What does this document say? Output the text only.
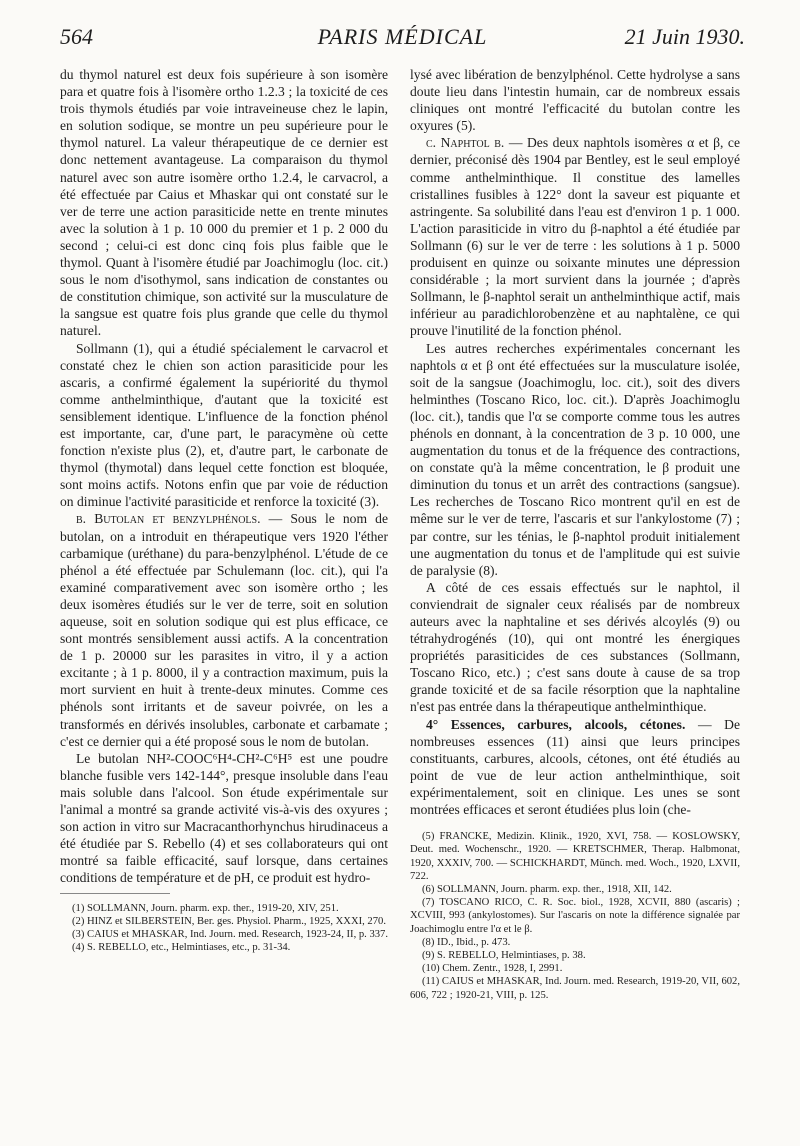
564	PARIS MÉDICAL	21 Juin 1930.

du thymol naturel est deux fois supérieure à son isomère para et quatre fois à l'isomère ortho 1.2.3 ; la toxicité de ces trois thymols étudiés par voie intraveineuse chez le lapin, en solution sodique, se montre un peu supérieure pour le thymol naturel. La valeur thérapeutique de ce dernier est donc nettement avantageuse. La comparaison du thymol naturel avec son autre isomère ortho 1.2.4, le carvacrol, a été effectuée par Caius et Mhaskar qui ont constaté sur le ver de terre une action parasiticide nette en trente minutes avec la solution à 1 p. 10 000 du premier et 1 p. 2 000 du second ; celui-ci est donc cinq fois plus faible que le thymol. Quant à l'isomère étudié par Joachimoglu (loc. cit.) sous le nom d'isothymol, sans indication de constantes ou de constitution chimique, son activité sur la musculature de la sangsue est quatre fois plus grande que celle du thymol naturel.

Sollmann (1), qui a étudié spécialement le carvacrol et constaté chez le chien son action parasiticide pour les ascaris, a confirmé également la supériorité du thymol comme anthelminthique, d'autant que la toxicité est sensiblement identique. L'influence de la fonction phénol est importante, car, d'une part, le paracymène où cette fonction n'existe plus (2), et, d'autre part, le carbonate de thymol (thymotal) dans lequel cette fonction est bloquée, sont moins actifs. Notons enfin que par voie de réduction on diminue l'activité parasiticide et renforce la toxicité (3).

b. Butolan et benzylphénols. — Sous le nom de butolan, on a introduit en thérapeutique vers 1920 l'éther carbamique (uréthane) du para-benzylphénol. L'étude de ce phénol a été effectuée par Schulemann (loc. cit.), qui l'a examiné comparativement avec son isomère ortho ; les deux isomères étudiés sur le ver de terre, soit en solution aqueuse, soit en solution sodique qui est plus efficace, ce sont montrés sensiblement aussi actifs. A la concentration de 1 p. 20000 sur les parasites in vitro, il y a action excitante ; à 1 p. 8000, il y a contraction maximum, puis la mort survient en huit à trente-deux minutes. Comme ces phénols sont irritants et de saveur poivrée, on les a transformés en dérivés insolubles, carbonate et carbamate ; c'est ce dernier qui a été proposé sous le nom de butolan.

Le butolan NH²-COOC⁶H⁴-CH²-C⁶H⁵ est une poudre blanche fusible vers 142-144°, presque insoluble dans l'eau mais soluble dans l'alcool. Son étude expérimentale sur l'animal a montré sa grande activité vis-à-vis des oxyures ; son action in vitro sur Macracanthorhynchus hirudinaceus a été étudiée par S. Rebello (4) et ses collaborateurs qui ont montré sa faible efficacité, sauf lorsque, dans certaines conditions de température et de pH, ce produit est hydro-

(1) SOLLMANN, Journ. pharm. exp. ther., 1919-20, XIV, 251.

(2) HINZ et SILBERSTEIN, Ber. ges. Physiol. Pharm., 1925, XXXI, 270.

(3) CAIUS et MHASKAR, Ind. Journ. med. Research, 1923-24, II, p. 337.

(4) S. REBELLO, etc., Helmintiases, etc., p. 31-34.

lysé avec libération de benzylphénol. Cette hydrolyse a sans doute lieu dans l'intestin humain, car de nombreux essais cliniques ont montré l'efficacité du butolan contre les oxyures (5).

c. Naphtol β. — Des deux naphtols isomères α et β, ce dernier, préconisé dès 1904 par Bentley, est le seul employé comme anthelminthique. Il constitue des lamelles cristallines fusibles à 122° dont la saveur est piquante et astringente. Sa solubilité dans l'eau est d'environ 1 p. 1 000. L'action parasiticide in vitro du β-naphtol a été étudiée par Sollmann (6) sur le ver de terre : les solutions à 1 p. 5000 produisent en quinze ou soixante minutes une dépression considérable ; la mort survient dans la journée ; d'après Sollmann, le β-naphtol serait un anthelminthique actif, mais inférieur au paradichlorobenzène et au naphtalène, ce qui prouve l'inutilité de la fonction phénol.

Les autres recherches expérimentales concernant les naphtols α et β ont été effectuées sur la musculature isolée, soit de la sangsue (Joachimoglu, loc. cit.), soit des divers helminthes (Toscano Rico, loc. cit.). D'après Joachimoglu (loc. cit.), tandis que l'α se comporte comme tous les autres phénols en donnant, à la concentration de 3 p. 10 000, une augmentation du tonus et de la fréquence des contractions, on constate qu'à la même concentration, le β produit une diminution du tonus et un arrêt des contractions (sangsue). Les recherches de Toscano Rico montrent qu'il en est de même sur le ver de terre, l'ascaris et sur l'ankylostome (7) ; par contre, sur les ténias, le β-naphtol produit initialement une augmentation du tonus et de l'amplitude qui est suivie de paralysie (8).

A côté de ces essais effectués sur le naphtol, il conviendrait de signaler ceux réalisés par de nombreux auteurs avec la naphtaline et ses dérivés alcoylés (9) ou tétrahydrogénés (10), qui ont montré les énergiques propriétés parasiticides de ces substances (Sollmann, Toscano Rico, etc.) ; c'est sans doute à cause de sa trop grande toxicité et de sa facile résorption que la naphtaline n'est pas entrée dans la thérapeutique anthelminthique.

4° Essences, carbures, alcools, cétones. — De nombreuses essences (11) ainsi que leurs principes constituants, carbures, alcools, cétones, ont été étudiés au point de vue de leur action anthelminthique, soit expérimentalement, soit en clinique. Les unes se sont montrées efficaces et seront étudiées plus loin (che-

(5) FRANCKE, Medizin. Klinik., 1920, XVI, 758. — KOSLOWSKY, Deut. med. Wochenschr., 1920. — KRETSCHMER, Therap. Halbmonat, 1920, XXXIV, 700. — SCHICKHARDT, Münch. med. Woch., 1920, LXVII, 722.

(6) SOLLMANN, Journ. pharm. exp. ther., 1918, XII, 142.

(7) TOSCANO RICO, C. R. Soc. biol., 1928, XCVII, 880 (ascaris) ; XCVIII, 993 (ankylostomes). Sur l'ascaris on note la différence signalée par Joachimoglu entre l'α et le β.

(8) ID., Ibid., p. 473.

(9) S. REBELLO, Helmintiases, p. 38.

(10) Chem. Zentr., 1928, I, 2991.

(11) CAIUS et MHASKAR, Ind. Journ. med. Research, 1919-20, VII, 602, 606, 722 ; 1920-21, VIII, p. 125.
